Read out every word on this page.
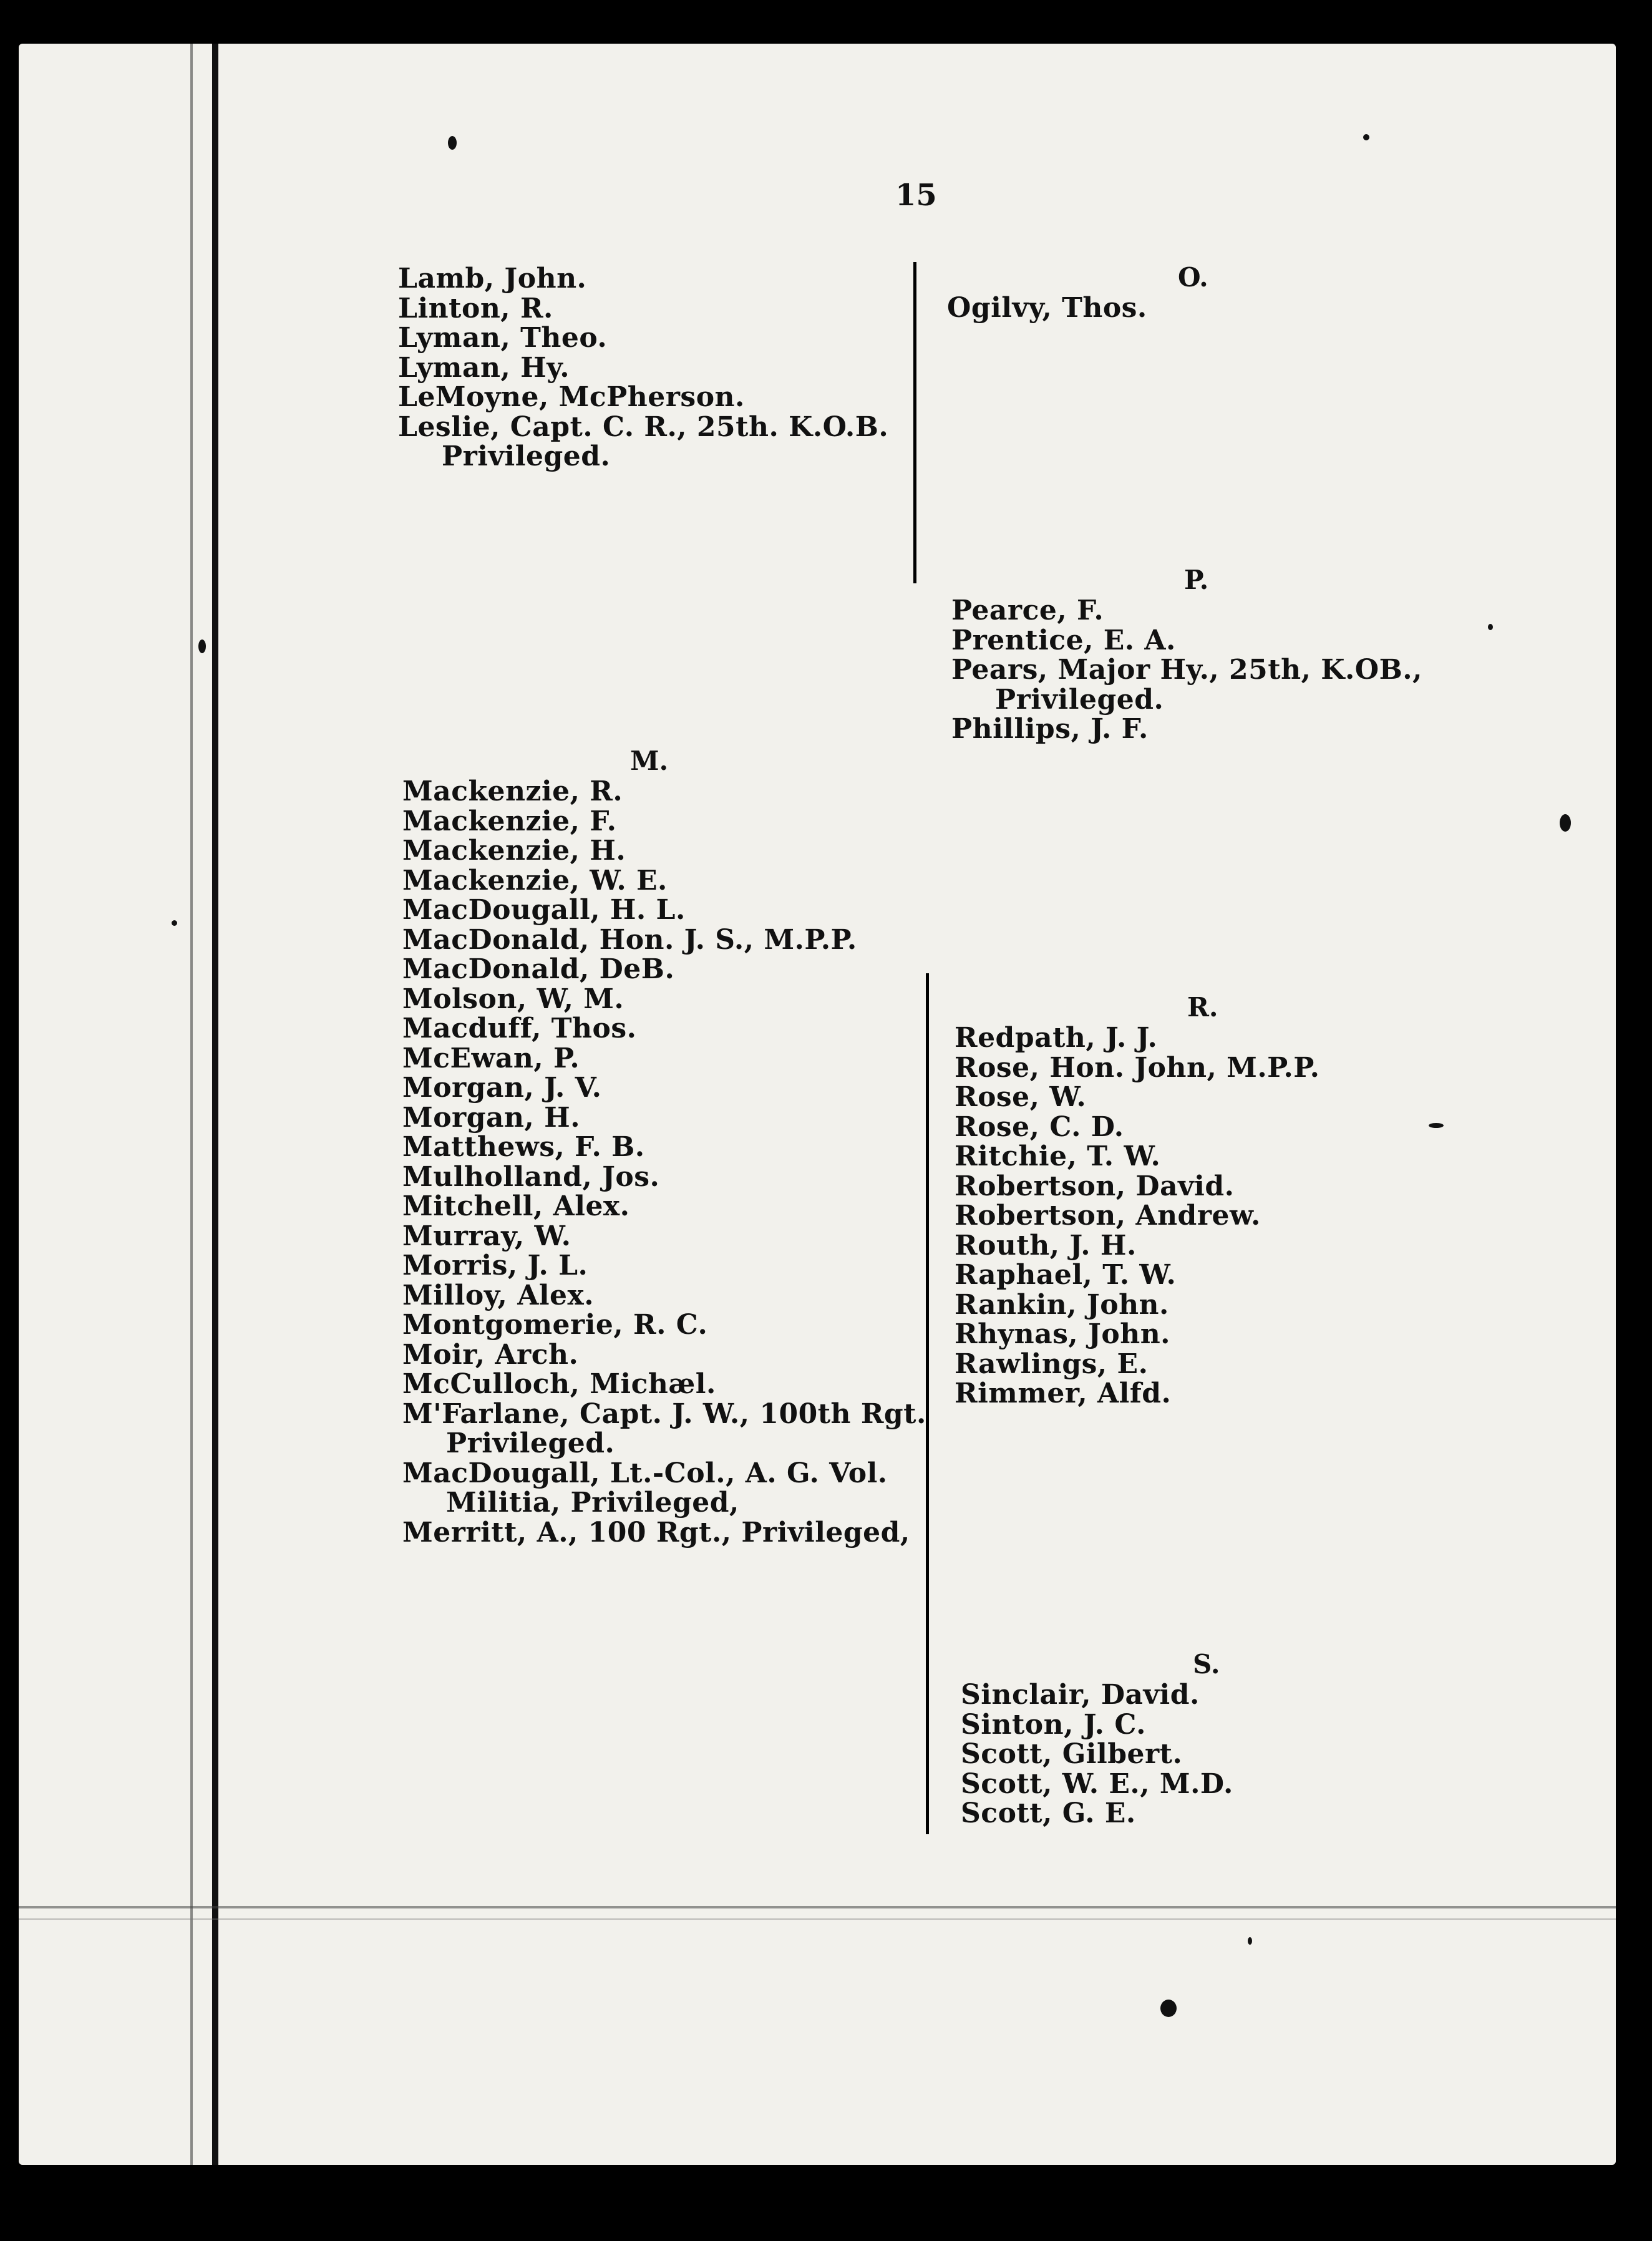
15
Lamb, John.
Linton, R.
Lyman, Theo.
Lyman, Hy.
LeMoyne, McPherson.
Leslie, Capt. C. R., 25th. K.O.B.
Privileged.
M.
Mackenzie, R.
Mackenzie, F.
Mackenzie, H.
Mackenzie, W. E.
MacDougall, H. L.
MacDonald, Hon. J. S., M.P.P.
MacDonald, DeB.
Molson, W, M.
Macduff, Thos.
McEwan, P.
Morgan, J. V.
Morgan, H.
Matthews, F. B.
Mulholland, Jos.
Mitchell, Alex.
Murray, W.
Morris, J. L.
Milloy, Alex.
Montgomerie, R. C.
Moir, Arch.
McCulloch, Michæl.
M'Farlane, Capt. J. W., 100th Rgt.
Privileged.
MacDougall, Lt.-Col., A. G. Vol.
Militia, Privileged,
Merritt, A., 100 Rgt., Privileged,
O.
Ogilvy, Thos.
P.
Pearce, F.
Prentice, E. A.
Pears, Major Hy., 25th, K.OB.,
Privileged.
Phillips, J. F.
R.
Redpath, J. J.
Rose, Hon. John, M.P.P.
Rose, W.
Rose, C. D.
Ritchie, T. W.
Robertson, David.
Robertson, Andrew.
Routh, J. H.
Raphael, T. W.
Rankin, John.
Rhynas, John.
Rawlings, E.
Rimmer, Alfd.
S.
Sinclair, David.
Sinton, J. C.
Scott, Gilbert.
Scott, W. E., M.D.
Scott, G. E.
